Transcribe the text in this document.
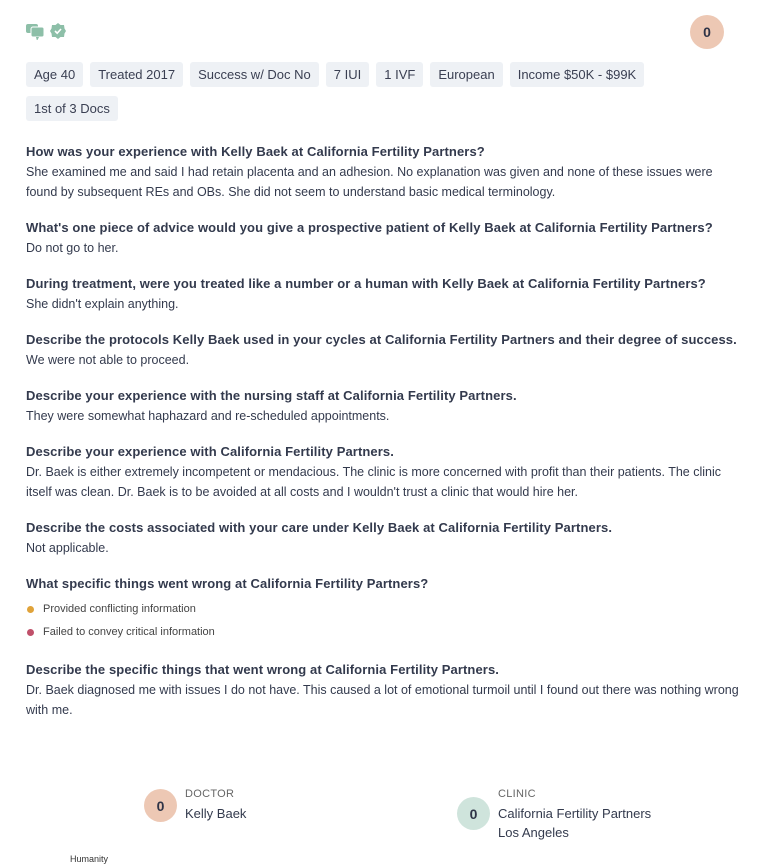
0
Age 40	Treated 2017	Success w/ Doc No	7 IUI	1 IVF	European	Income $50K - $99K
1st of 3 Docs
How was your experience with Kelly Baek at California Fertility Partners?
She examined me and said I had retain placenta and an adhesion. No explanation was given and none of these issues were found by subsequent REs and OBs. She did not seem to understand basic medical terminology.
What's one piece of advice would you give a prospective patient of Kelly Baek at California Fertility Partners?
Do not go to her.
During treatment, were you treated like a number or a human with Kelly Baek at California Fertility Partners?
She didn't explain anything.
Describe the protocols Kelly Baek used in your cycles at California Fertility Partners and their degree of success.
We were not able to proceed.
Describe your experience with the nursing staff at California Fertility Partners.
They were somewhat haphazard and re-scheduled appointments.
Describe your experience with California Fertility Partners.
Dr. Baek is either extremely incompetent or mendacious. The clinic is more concerned with profit than their patients. The clinic itself was clean. Dr. Baek is to be avoided at all costs and I wouldn't trust a clinic that would hire her.
Describe the costs associated with your care under Kelly Baek at California Fertility Partners.
Not applicable.
What specific things went wrong at California Fertility Partners?
Provided conflicting information
Failed to convey critical information
Describe the specific things that went wrong at California Fertility Partners.
Dr. Baek diagnosed me with issues I do not have. This caused a lot of emotional turmoil until I found out there was nothing wrong with me.
0
DOCTOR
Kelly Baek	0
CLINIC
California Fertility Partners
Los Angeles
Humanity
